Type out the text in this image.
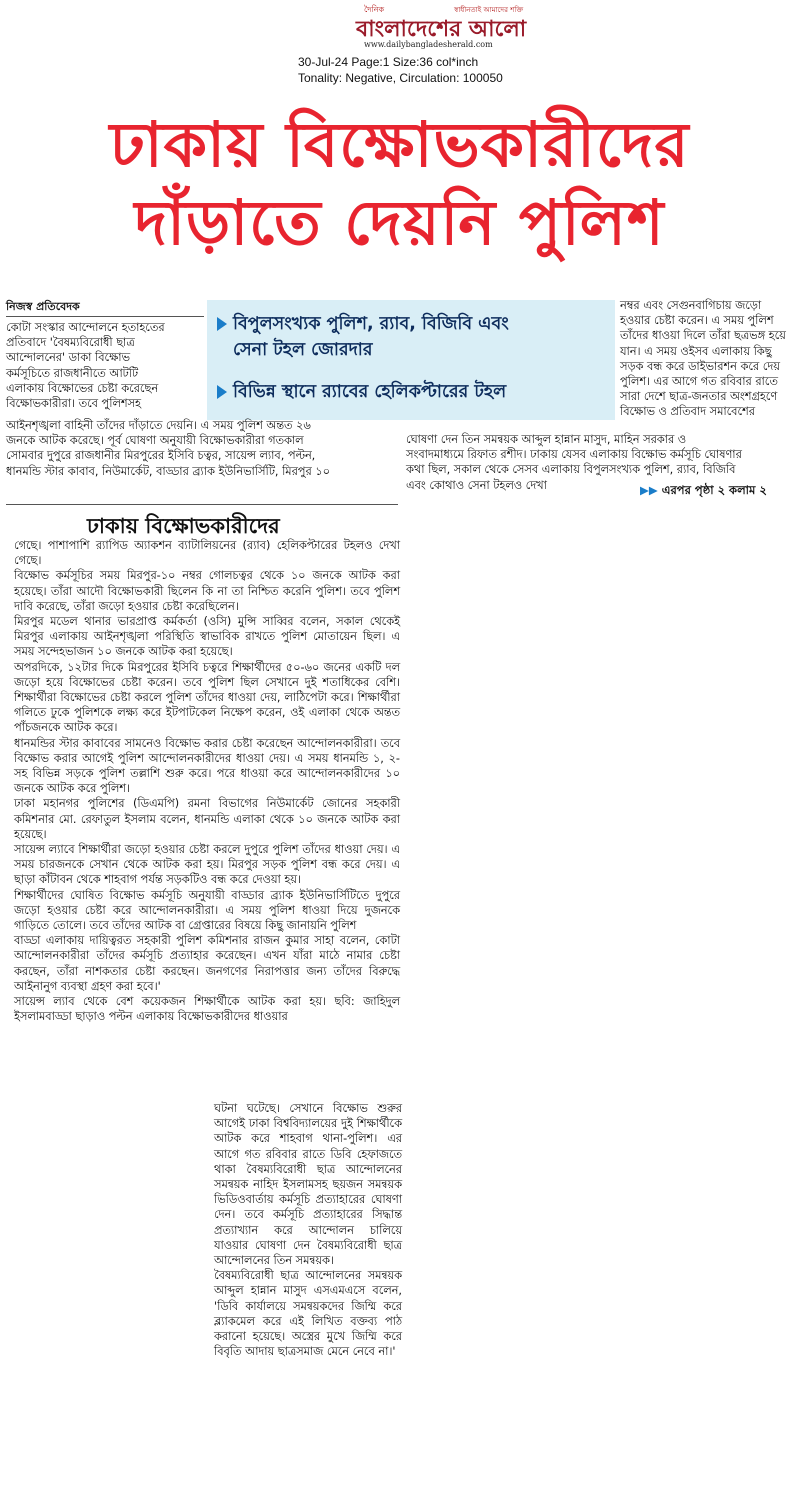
দৈনিক	স্বাধীনতাই আমাদের শক্তি
বাংলাদেশের আলো
www.dailybangladesherald.com
30-Jul-24 Page:1 Size:36 col*inch
Tonality: Negative, Circulation: 100050
ঢাকায় বিক্ষোভকারীদের
দাঁড়াতে দেয়নি পুলিশ
নিজস্ব প্রতিবেদক
কোটা সংস্কার আন্দোলনে হতাহতের
প্রতিবাদে 'বৈষম্যবিরোধী ছাত্র
আন্দোলনের' ডাকা বিক্ষোভ
কর্মসূচিতে রাজধানীতে আটটি
এলাকায় বিক্ষোভের চেষ্টা করেছেন
বিক্ষোভকারীরা। তবে পুলিশসহ
বিপুলসংখ্যক পুলিশ, র‍্যাব, বিজিবি এবং
সেনা টহল জোরদার
বিভিন্ন স্থানে র‍্যাবের হেলিকপ্টারের টহল
নম্বর এবং সেগুনবাগিচায় জড়ো
হওয়ার চেষ্টা করেন। এ সময় পুলিশ
তাঁদের ধাওয়া দিলে তাঁরা ছত্রভঙ্গ হয়ে
যান। এ সময় ওইসব এলাকায় কিছু
সড়ক বন্ধ করে ডাইভারশন করে দেয়
পুলিশ। এর আগে গত রবিবার রাতে
সারা দেশে ছাত্র-জনতার অংশগ্রহণে
বিক্ষোভ ও প্রতিবাদ সমাবেশের
আইনশৃঙ্খলা বাহিনী তাঁদের দাঁড়াতে দেয়নি। এ সময় পুলিশ অন্তত ২৬
জনকে আটক করেছে। পূর্ব ঘোষণা অনুযায়ী বিক্ষোভকারীরা গতকাল
সোমবার দুপুরে রাজধানীর মিরপুরের ইসিবি চত্বর, সায়েন্স ল্যাব, পল্টন,
ধানমন্ডি স্টার কাবাব, নিউমার্কেট, বাড্ডার ব্র্যাক ইউনিভার্সিটি, মিরপুর ১০
ঘোষণা দেন তিন সমন্বয়ক আব্দুল হান্নান মাসুদ, মাহিন সরকার ও
সংবাদমাধ্যমে রিফাত রশীদ। ঢাকায় যেসব এলাকায় বিক্ষোভ কর্মসূচি ঘোষণার
কথা ছিল, সকাল থেকে সেসব এলাকায় বিপুলসংখ্যক পুলিশ, র‍্যাব, বিজিবি
এবং কোথাও সেনা টহলও দেখা	▶▶ এরপর পৃষ্ঠা ২ কলাম ২
ঢাকায় বিক্ষোভকারীদের

গেছে। পাশাপাশি র‍্যাপিড অ্যাকশন ব্যাটালিয়নের (র‍্যাব) হেলিকপ্টারের টহলও দেখা গেছে।

বিক্ষোভ কর্মসূচির সময় মিরপুর-১০ নম্বর গোলচত্বর থেকে ১০ জনকে আটক করা হয়েছে। তাঁরা আদৌ বিক্ষোভকারী ছিলেন কি না তা নিশ্চিত করেনি পুলিশ। তবে পুলিশ দাবি করেছে, তাঁরা জড়ো হওয়ার চেষ্টা করেছিলেন।

মিরপুর মডেল থানার ভারপ্রাপ্ত কর্মকর্তা (ওসি) মুন্সি সাব্বির বলেন, সকাল থেকেই মিরপুর এলাকায় আইনশৃঙ্খলা পরিস্থিতি স্বাভাবিক রাখতে পুলিশ মোতায়েন ছিল। এ সময় সন্দেহভাজন ১০ জনকে আটক করা হয়েছে।

অপরদিকে, ১২টার দিকে মিরপুরের ইসিবি চত্বরে শিক্ষার্থীদের ৫০-৬০ জনের একটি দল জড়ো হয়ে বিক্ষোভের চেষ্টা করেন। তবে পুলিশ ছিল সেখানে দুই শতাধিকের বেশি। শিক্ষার্থীরা বিক্ষোভের চেষ্টা করলে পুলিশ তাঁদের ধাওয়া দেয়, লাঠিপেটা করে। শিক্ষার্থীরা গলিতে ঢুকে পুলিশকে লক্ষ্য করে ইটপাটকেল নিক্ষেপ করেন, ওই এলাকা থেকে অন্তত পাঁচজনকে আটক করে।

ধানমন্ডির স্টার কাবাবের সামনেও বিক্ষোভ করার চেষ্টা করেছেন আন্দোলনকারীরা। তবে বিক্ষোভ করার আগেই পুলিশ আন্দোলনকারীদের ধাওয়া দেয়। এ সময় ধানমন্ডি ১, ২-সহ বিভিন্ন সড়কে পুলিশ তল্লাশি শুরু করে। পরে ধাওয়া করে আন্দোলনকারীদের ১০ জনকে আটক করে পুলিশ।

ঢাকা মহানগর পুলিশের (ডিএমপি) রমনা বিভাগের নিউমার্কেট জোনের সহকারী কমিশনার মো. রেফাতুল ইসলাম বলেন, ধানমন্ডি এলাকা থেকে ১০ জনকে আটক করা হয়েছে।

সায়েন্স ল্যাবে শিক্ষার্থীরা জড়ো হওয়ার চেষ্টা করলে দুপুরে পুলিশ তাঁদের ধাওয়া দেয়। এ সময় চারজনকে সেখান থেকে আটক করা হয়। মিরপুর সড়ক পুলিশ বন্ধ করে দেয়। এ ছাড়া কাঁটাবন থেকে শাহবাগ পর্যন্ত সড়কটিও বন্ধ করে দেওয়া হয়।

শিক্ষার্থীদের ঘোষিত বিক্ষোভ কর্মসূচি অনুযায়ী বাড্ডার ব্র্যাক ইউনিভার্সিটিতে দুপুরে জড়ো হওয়ার চেষ্টা করে আন্দোলনকারীরা। এ সময় পুলিশ ধাওয়া দিয়ে দুজনকে গাড়িতে তোলে। তবে তাঁদের আটক বা গ্রেপ্তারের বিষয়ে কিছু জানায়নি পুলিশ

বাড্ডা এলাকায় দায়িত্বরত সহকারী পুলিশ কমিশনার রাজন কুমার সাহা বলেন, কোটা আন্দোলনকারীরা তাঁদের কর্মসূচি প্রত্যাহার করেছেন। এখন যাঁরা মাঠে নামার চেষ্টা করছেন, তাঁরা নাশকতার চেষ্টা করছেন। জনগণের নিরাপত্তার জন্য তাঁদের বিরুদ্ধে আইনানুগ ব্যবস্থা গ্রহণ করা হবে।'

সায়েন্স ল্যাব থেকে বেশ কয়েকজন শিক্ষার্থীকে আটক করা হয়। ছবি: জাহিদুল ইসলামবাড্ডা ছাড়াও পল্টন এলাকায় বিক্ষোভকারীদের ধাওয়ার

ঘটনা ঘটেছে। সেখানে বিক্ষোভ শুরুর আগেই ঢাকা বিশ্ববিদ্যালয়ের দুই শিক্ষার্থীকে আটক করে শাহবাগ থানা-পুলিশ। এর আগে গত রবিবার রাতে ডিবি হেফাজতে থাকা বৈষম্যবিরোধী ছাত্র আন্দোলনের সমন্বয়ক নাহিদ ইসলামসহ ছয়জন সমন্বয়ক ভিডিওবার্তায় কর্মসূচি প্রত্যাহারের ঘোষণা দেন। তবে কর্মসূচি প্রত্যাহারের সিদ্ধান্ত প্রত্যাখ্যান করে আন্দোলন চালিয়ে যাওয়ার ঘোষণা দেন বৈষম্যবিরোধী ছাত্র আন্দোলনের তিন সমন্বয়ক।

বৈষম্যবিরোধী ছাত্র আন্দোলনের সমন্বয়ক আব্দুল হান্নান মাসুদ এসএমএসে বলেন, 'ডিবি কার্যালয়ে সমন্বয়কদের জিম্মি করে ব্ল্যাকমেল করে এই লিখিত বক্তব্য পাঠ করানো হয়েছে। অস্ত্রের মুখে জিম্মি করে বিবৃতি আদায় ছাত্রসমাজ মেনে নেবে না।'
